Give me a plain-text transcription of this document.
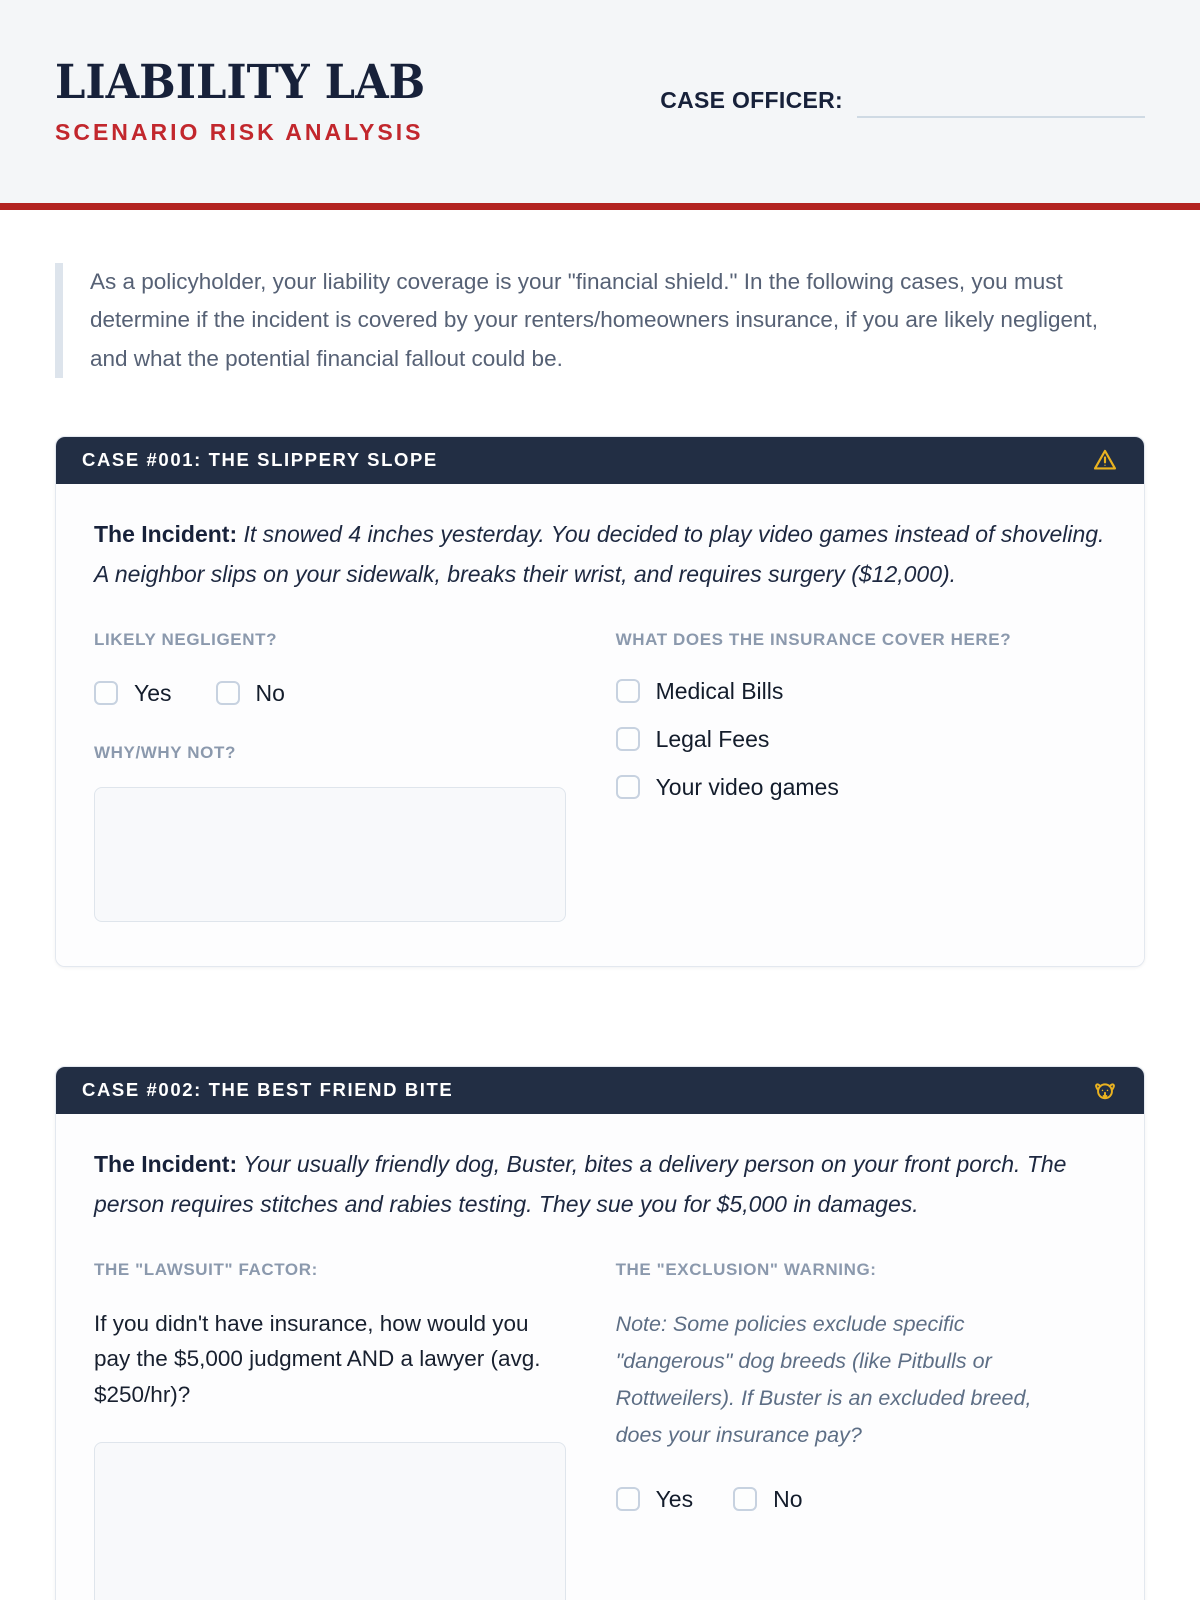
LIABILITY LAB
SCENARIO RISK ANALYSIS
CASE OFFICER:

As a policyholder, your liability coverage is your "financial shield." In the following cases, you must determine if the incident is covered by your renters/homeowners insurance, if you are likely negligent, and what the potential financial fallout could be.

CASE #001: THE SLIPPERY SLOPE

The Incident: It snowed 4 inches yesterday. You decided to play video games instead of shoveling. A neighbor slips on your sidewalk, breaks their wrist, and requires surgery ($12,000).

LIKELY NEGLIGENT?
Yes	No
WHY/WHY NOT?
WHAT DOES THE INSURANCE COVER HERE?
Medical Bills
Legal Fees
Your video games
CASE #002: THE BEST FRIEND BITE

The Incident: Your usually friendly dog, Buster, bites a delivery person on your front porch. The person requires stitches and rabies testing. They sue you for $5,000 in damages.

THE "LAWSUIT" FACTOR:

If you didn't have insurance, how would you pay the $5,000 judgment AND a lawyer (avg. $250/hr)?

THE "EXCLUSION" WARNING:

Note: Some policies exclude specific "dangerous" dog breeds (like Pitbulls or Rottweilers). If Buster is an excluded breed, does your insurance pay?

Yes	No
